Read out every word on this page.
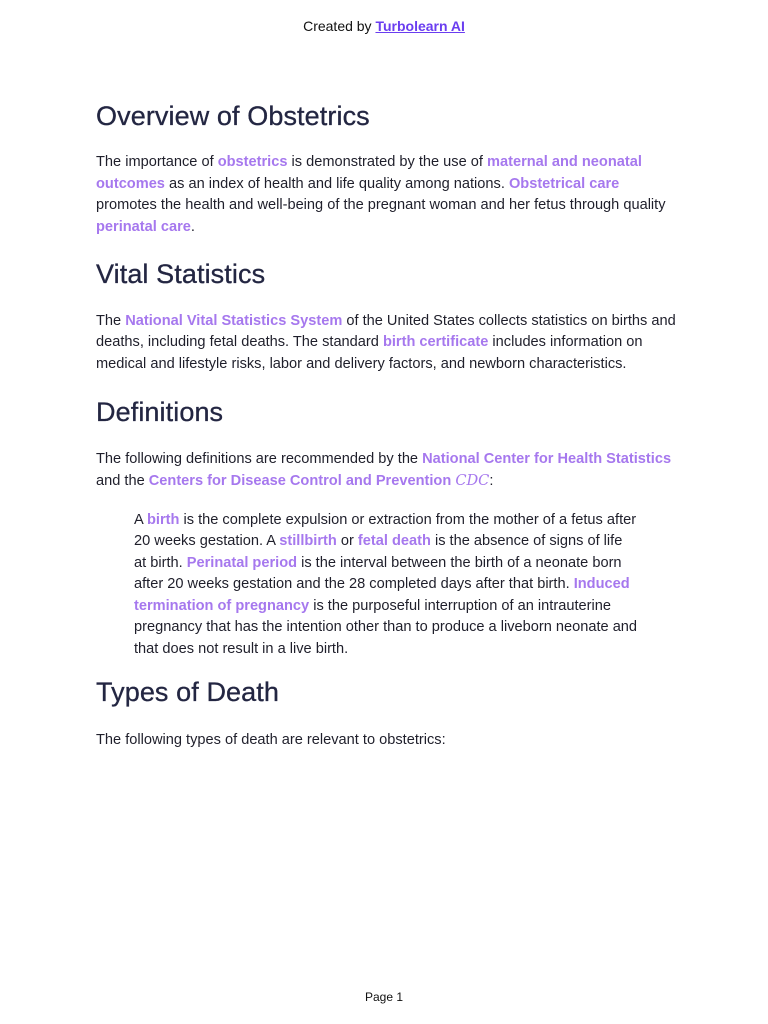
Created by Turbolearn AI
Overview of Obstetrics

The importance of obstetrics is demonstrated by the use of maternal and neonatal outcomes as an index of health and life quality among nations. Obstetrical care promotes the health and well-being of the pregnant woman and her fetus through quality perinatal care.

Vital Statistics

The National Vital Statistics System of the United States collects statistics on births and deaths, including fetal deaths. The standard birth certificate includes information on medical and lifestyle risks, labor and delivery factors, and newborn characteristics.

Definitions

The following definitions are recommended by the National Center for Health Statistics and the Centers for Disease Control and Prevention CDC:

A birth is the complete expulsion or extraction from the mother of a fetus after 20 weeks gestation. A stillbirth or fetal death is the absence of signs of life at birth. Perinatal period is the interval between the birth of a neonate born after 20 weeks gestation and the 28 completed days after that birth. Induced termination of pregnancy is the purposeful interruption of an intrauterine pregnancy that has the intention other than to produce a liveborn neonate and that does not result in a live birth.

Types of Death

The following types of death are relevant to obstetrics:

Page 1
